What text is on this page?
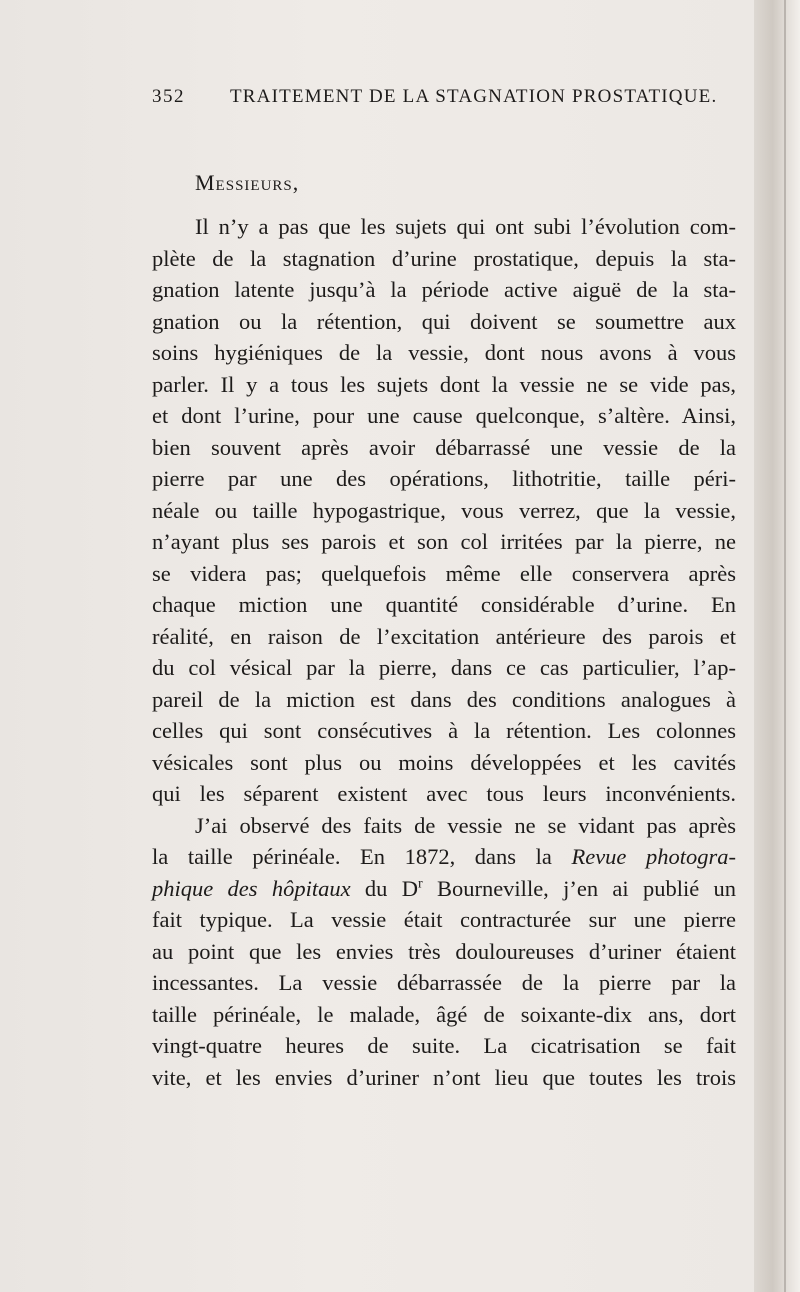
352 TRAITEMENT DE LA STAGNATION PROSTATIQUE.
Messieurs,
Il n’y a pas que les sujets qui ont subi l’évolution com-
plète de la stagnation d’urine prostatique, depuis la sta-
gnation latente jusqu’à la période active aiguë de la sta-
gnation ou la rétention, qui doivent se soumettre aux
soins hygiéniques de la vessie, dont nous avons à vous
parler. Il y a tous les sujets dont la vessie ne se vide pas,
et dont l’urine, pour une cause quelconque, s’altère. Ainsi,
bien souvent après avoir débarrassé une vessie de la
pierre par une des opérations, lithotritie, taille péri-
néale ou taille hypogastrique, vous verrez, que la vessie,
n’ayant plus ses parois et son col irritées par la pierre, ne
se videra pas; quelquefois même elle conservera après
chaque miction une quantité considérable d’urine. En
réalité, en raison de l’excitation antérieure des parois et
du col vésical par la pierre, dans ce cas particulier, l’ap-
pareil de la miction est dans des conditions analogues à
celles qui sont consécutives à la rétention. Les colonnes
vésicales sont plus ou moins développées et les cavités
qui les séparent existent avec tous leurs inconvénients.
J’ai observé des faits de vessie ne se vidant pas après
la taille périnéale. En 1872, dans la Revue photogra-
phique des hôpitaux du $D^r$ Bourneville, j’en ai publié un
fait typique. La vessie était contracturée sur une pierre
au point que les envies très douloureuses d’uriner étaient
incessantes. La vessie débarrassée de la pierre par la
taille périnéale, le malade, âgé de soixante-dix ans, dort
vingt-quatre heures de suite. La cicatrisation se fait
vite, et les envies d’uriner n’ont lieu que toutes les trois
